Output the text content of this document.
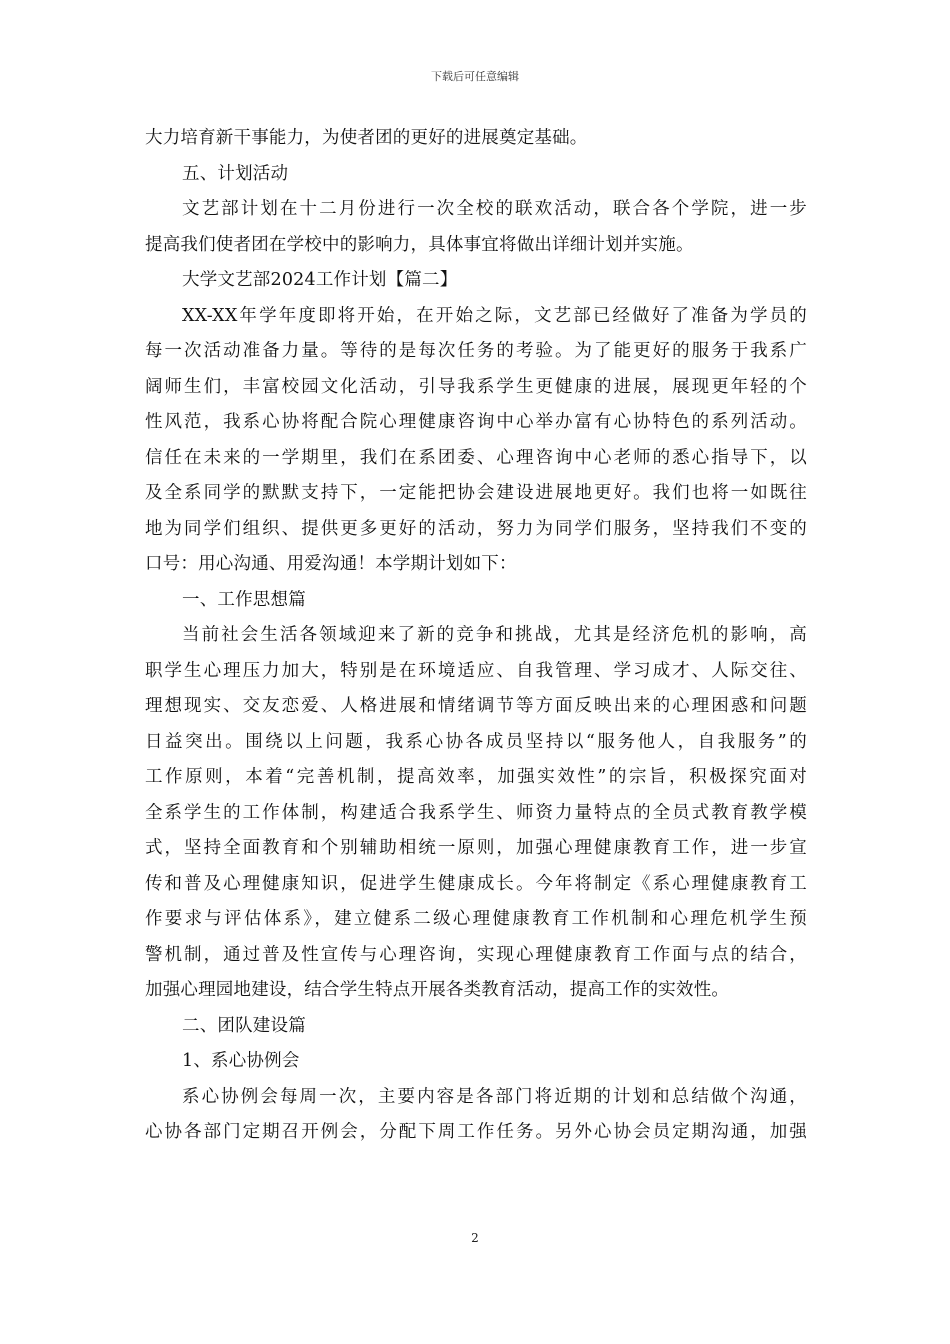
下载后可任意编辑
大力培育新干事能力，为使者团的更好的进展奠定基础。
五、计划活动
文艺部计划在十二月份进行一次全校的联欢活动，联合各个学院，进一步
提高我们使者团在学校中的影响力，具体事宜将做出详细计划并实施。
大学文艺部2024工作计划【篇二】
XX-XX年学年度即将开始，在开始之际，文艺部已经做好了准备为学员的
每一次活动准备力量。等待的是每次任务的考验。为了能更好的服务于我系广
阔师生们，丰富校园文化活动，引导我系学生更健康的进展，展现更年轻的个
性风范，我系心协将配合院心理健康咨询中心举办富有心协特色的系列活动。
信任在未来的一学期里，我们在系团委、心理咨询中心老师的悉心指导下，以
及全系同学的默默支持下，一定能把协会建设进展地更好。我们也将一如既往
地为同学们组织、提供更多更好的活动，努力为同学们服务，坚持我们不变的
口号：用心沟通、用爱沟通！本学期计划如下：
一、工作思想篇
当前社会生活各领域迎来了新的竞争和挑战，尤其是经济危机的影响，高
职学生心理压力加大，特别是在环境适应、自我管理、学习成才、人际交往、
理想现实、交友恋爱、人格进展和情绪调节等方面反映出来的心理困惑和问题
日益突出。围绕以上问题，我系心协各成员坚持以“服务他人，自我服务”的
工作原则，本着“完善机制，提高效率，加强实效性”的宗旨，积极探究面对
全系学生的工作体制，构建适合我系学生、师资力量特点的全员式教育教学模
式，坚持全面教育和个别辅助相统一原则，加强心理健康教育工作，进一步宣
传和普及心理健康知识，促进学生健康成长。今年将制定《系心理健康教育工
作要求与评估体系》，建立健系二级心理健康教育工作机制和心理危机学生预
警机制，通过普及性宣传与心理咨询，实现心理健康教育工作面与点的结合，
加强心理园地建设，结合学生特点开展各类教育活动，提高工作的实效性。
二、团队建设篇
1、系心协例会
系心协例会每周一次，主要内容是各部门将近期的计划和总结做个沟通，
心协各部门定期召开例会，分配下周工作任务。另外心协会员定期沟通，加强
2
